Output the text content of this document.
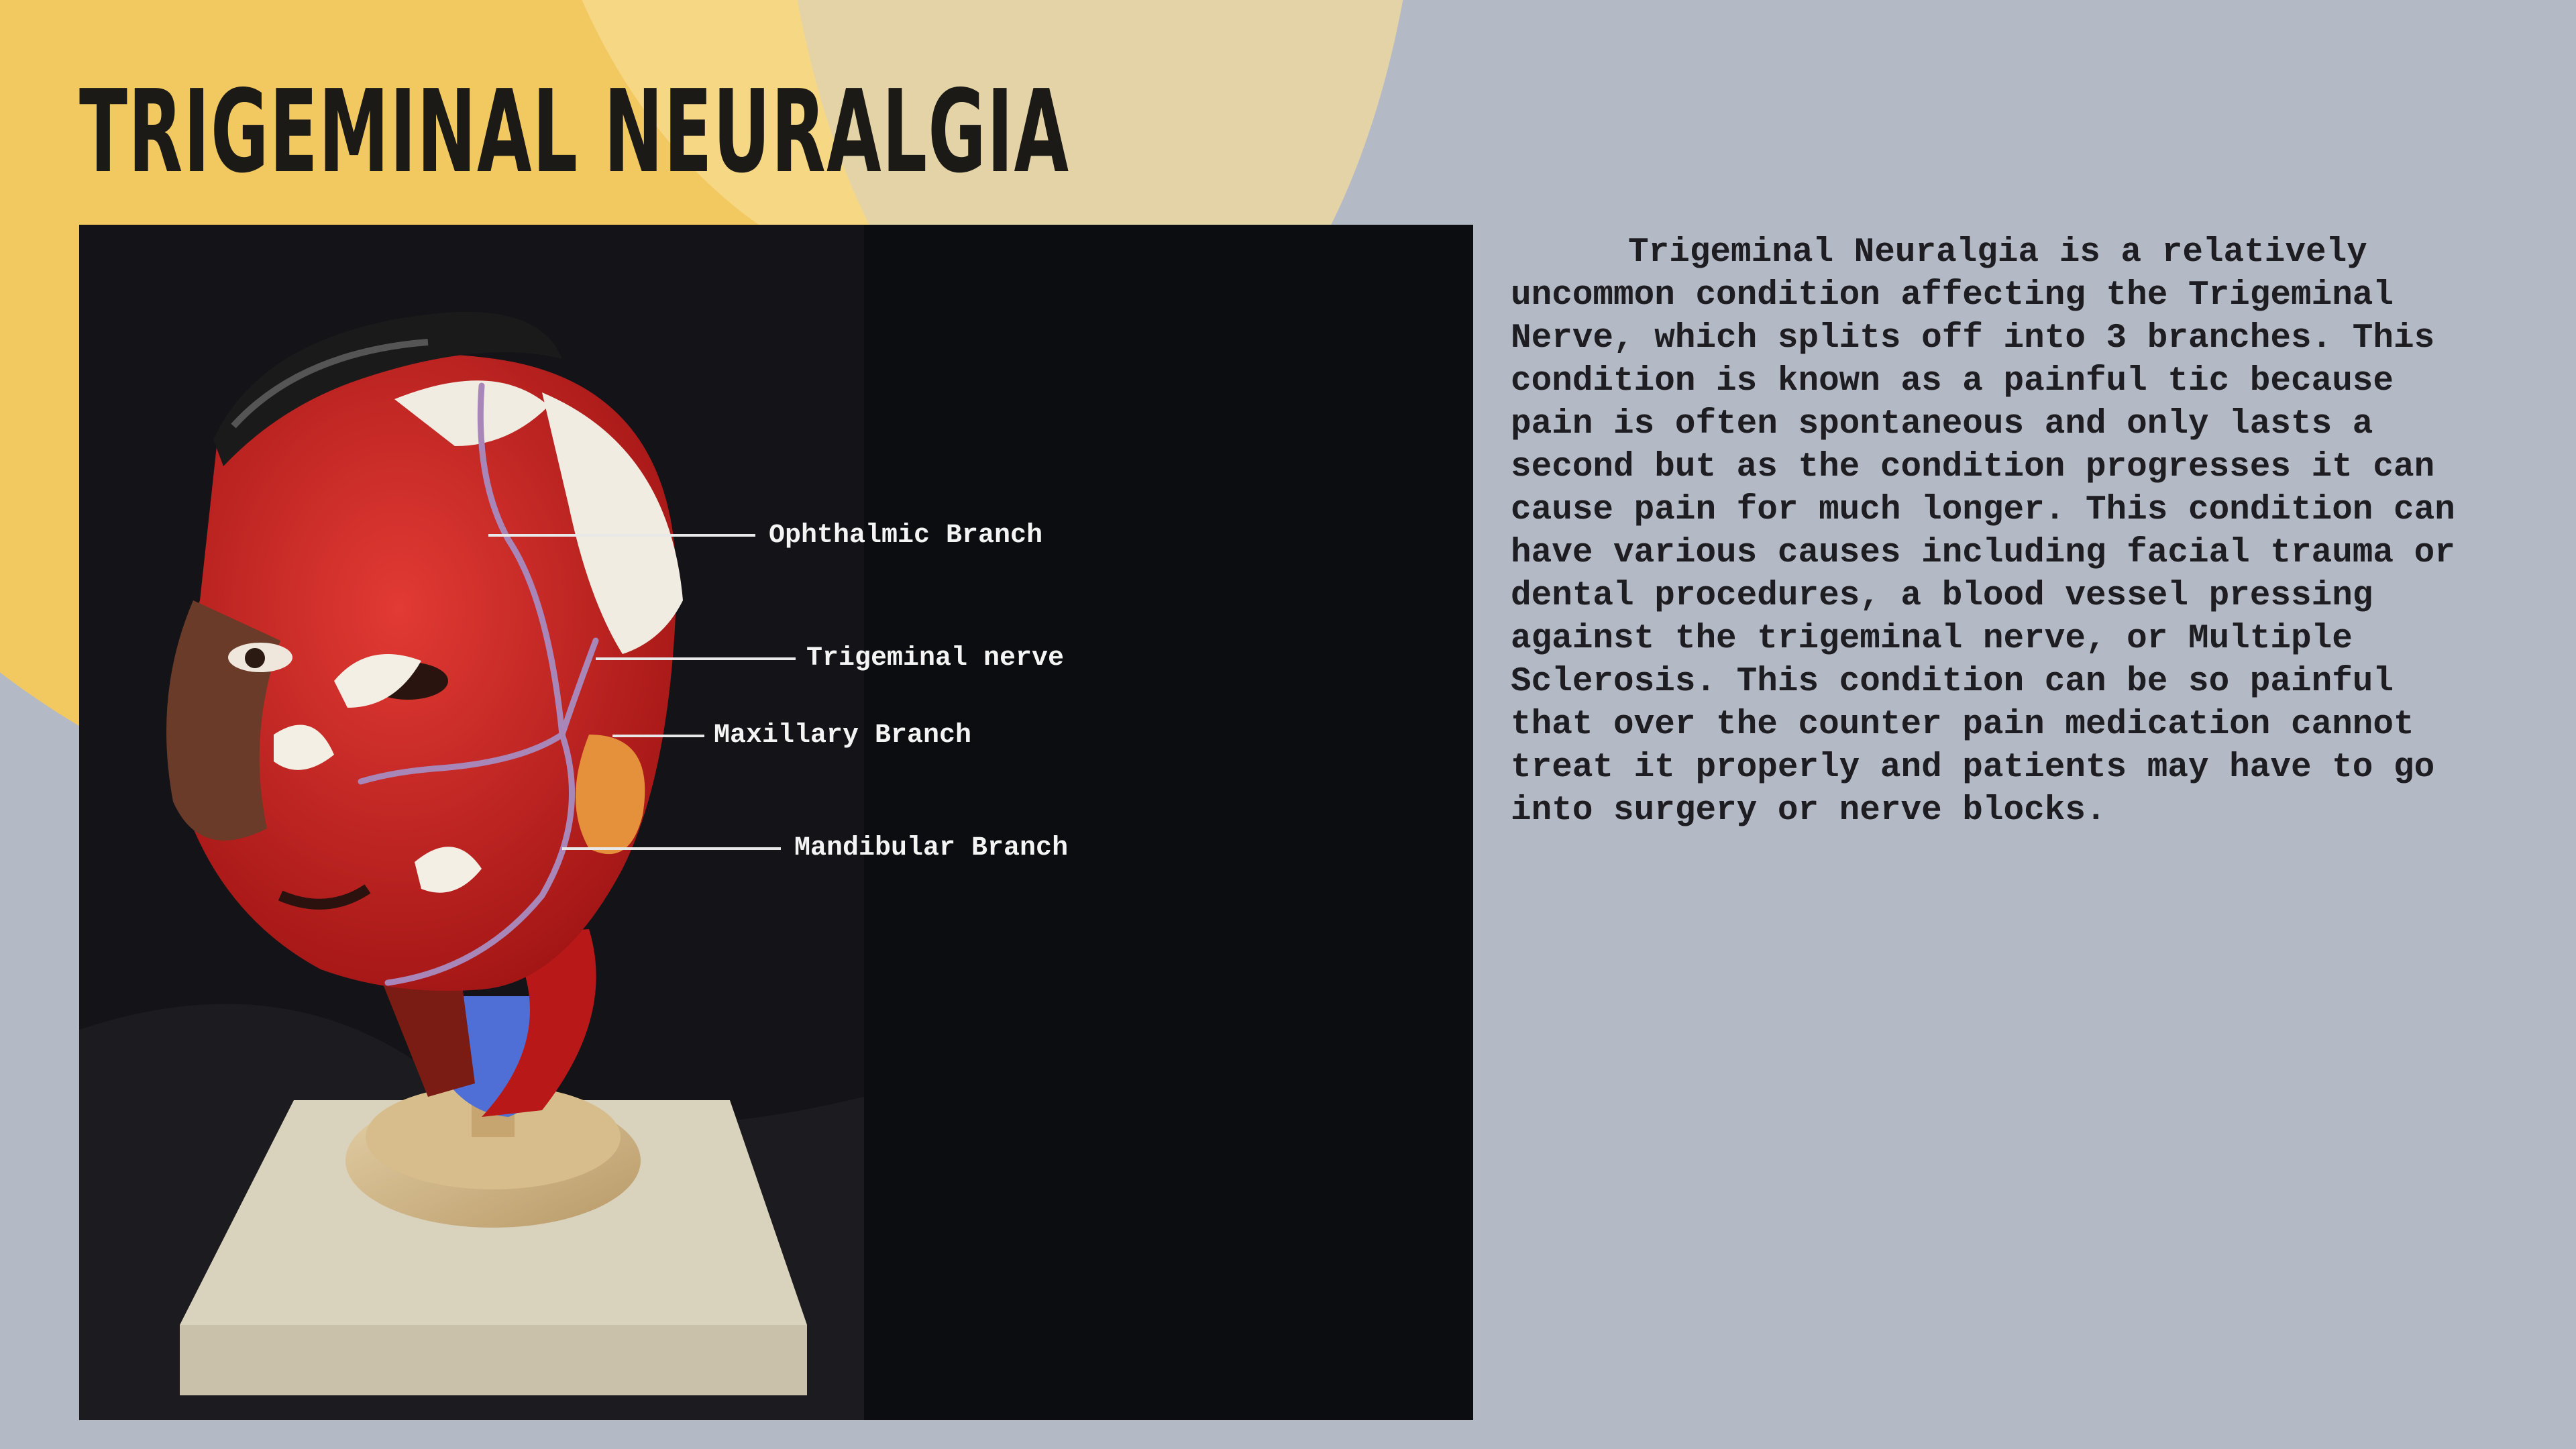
TRIGEMINAL NEURALGIA
Ophthalmic Branch
Trigeminal nerve
Maxillary Branch
Mandibular Branch

Trigeminal Neuralgia is a relatively uncommon condition affecting the Trigeminal Nerve, which splits off into 3 branches. This condition is known as a painful tic because pain is often spontaneous and only lasts a second but as the condition progresses it can cause pain for much longer. This condition can have various causes including facial trauma or dental procedures, a blood vessel pressing against the trigeminal nerve, or Multiple Sclerosis. This condition can be so painful that over the counter pain medication cannot treat it properly and patients may have to go into surgery or nerve blocks.
